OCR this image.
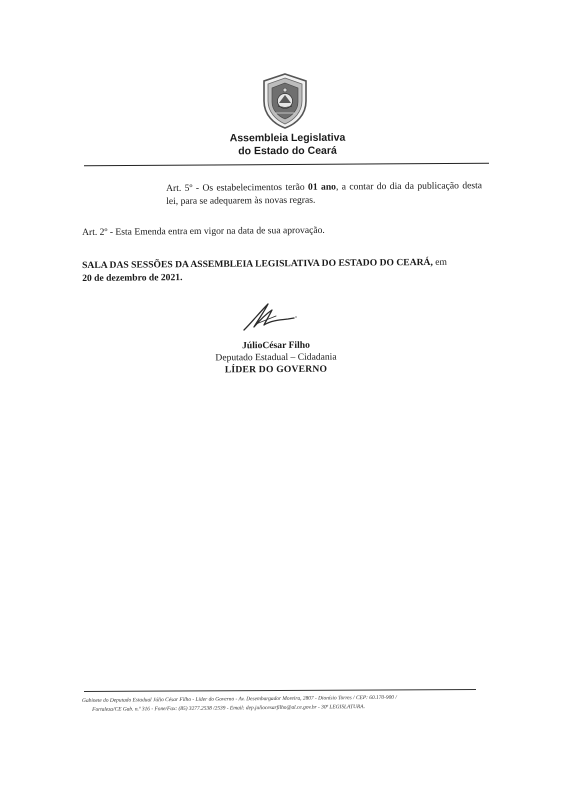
Assembleia Legislativa
do Estado do Ceará
Art. 5º - Os estabelecimentos terão 01 ano, a contar do dia da publicação desta lei, para se adequarem às novas regras.
Art. 2º - Esta Emenda entra em vigor na data de sua aprovação.
SALA DAS SESSÕES DA ASSEMBLEIA LEGISLATIVA DO ESTADO DO CEARÁ, em
20 de dezembro de 2021.
JúlioCésar Filho
Deputado Estadual – Cidadania
LÍDER DO GOVERNO
Gabinete do Deputado Estadual Júlio César Filho - Líder do Governo - Av. Desembargador Moreira, 2807 - Dionísio Torres / CEP: 60.170-900 /
Fortaleza/CE Gab. n.º 316 - Fone/Fax: (85) 3277.2538 /2539 - Email: dep.juliocesarfilho@al.ce.gov.br - 30ª LEGISLATURA.
